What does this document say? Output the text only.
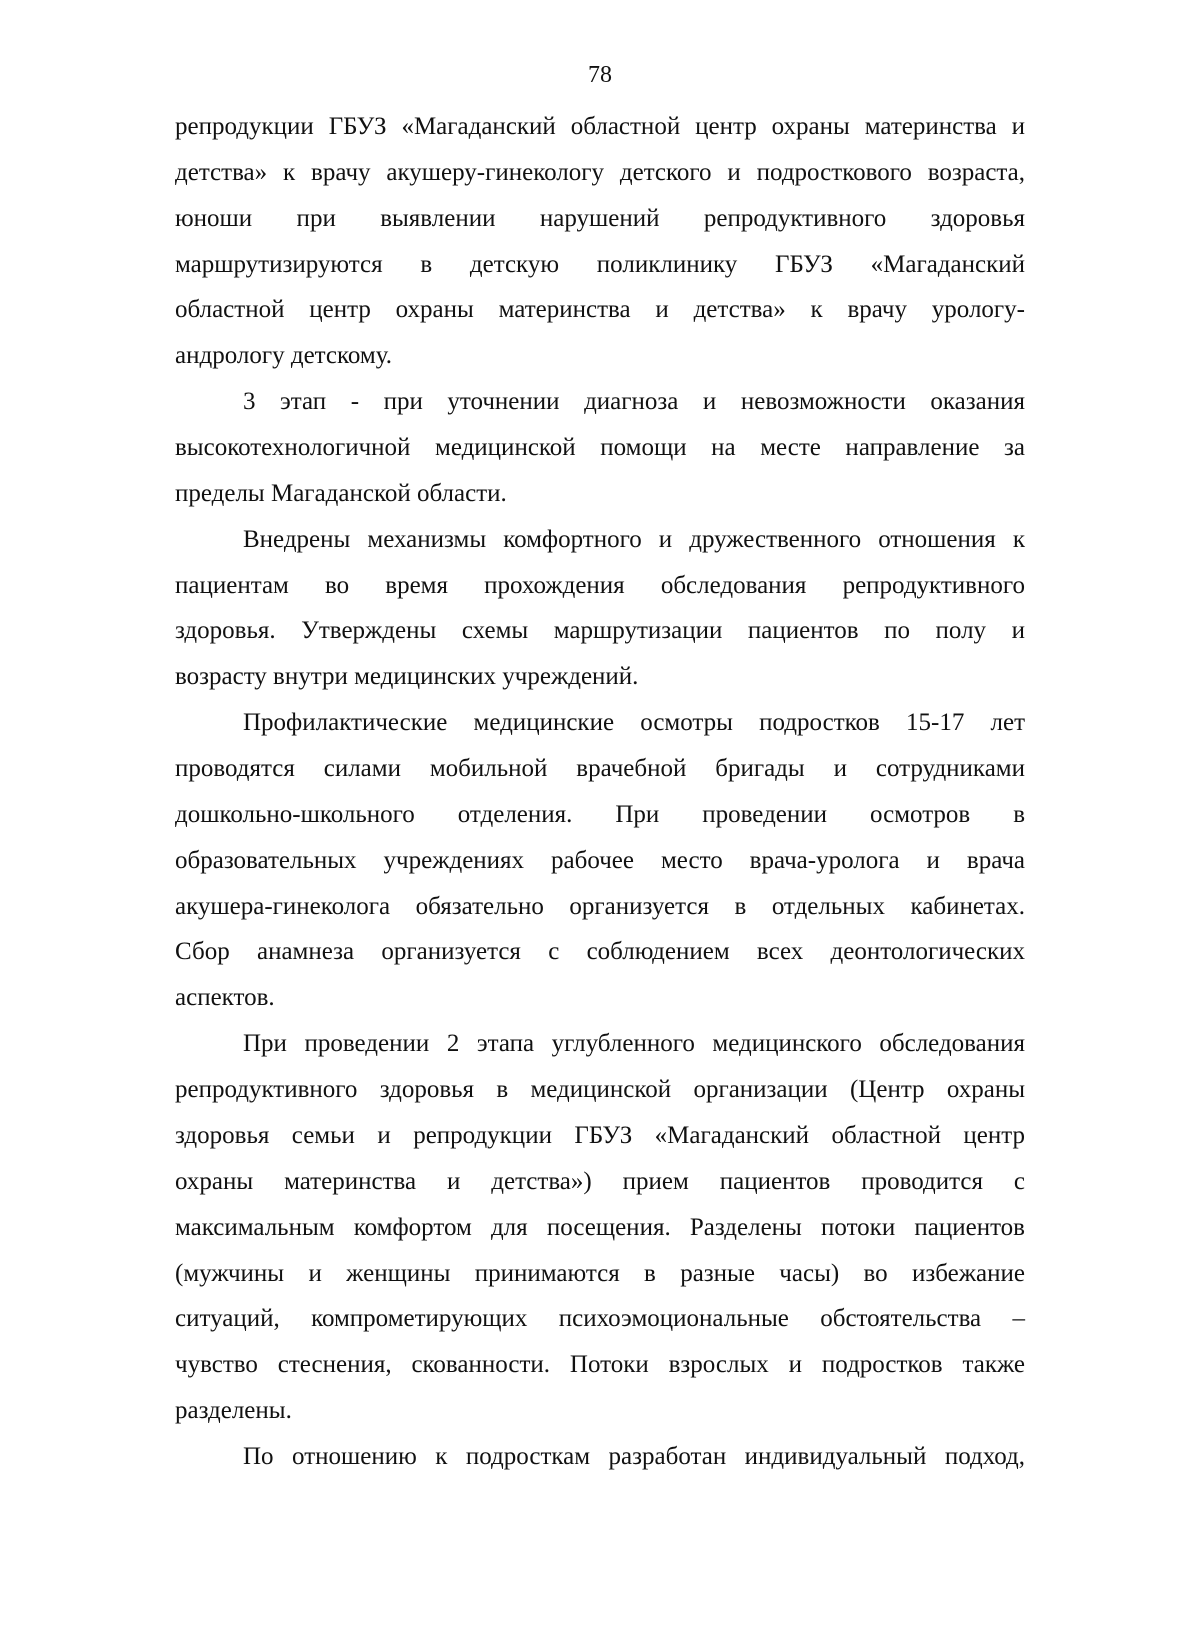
78
репродукции ГБУЗ «Магаданский областной центр охраны материнства и
детства» к врачу акушеру-гинекологу детского и подросткового возраста,
юноши при выявлении нарушений репродуктивного здоровья
маршрутизируются в детскую поликлинику ГБУЗ «Магаданский
областной центр охраны материнства и детства» к врачу урологу-
андрологу детскому.
3 этап - при уточнении диагноза и невозможности оказания
высокотехнологичной медицинской помощи на месте направление за
пределы Магаданской области.
Внедрены механизмы комфортного и дружественного отношения к
пациентам во время прохождения обследования репродуктивного
здоровья. Утверждены схемы маршрутизации пациентов по полу и
возрасту внутри медицинских учреждений.
Профилактические медицинские осмотры подростков 15-17 лет
проводятся силами мобильной врачебной бригады и сотрудниками
дошкольно-школьного отделения. При проведении осмотров в
образовательных учреждениях рабочее место врача-уролога и врача
акушера-гинеколога обязательно организуется в отдельных кабинетах.
Сбор анамнеза организуется с соблюдением всех деонтологических
аспектов.
При проведении 2 этапа углубленного медицинского обследования
репродуктивного здоровья в медицинской организации (Центр охраны
здоровья семьи и репродукции ГБУЗ «Магаданский областной центр
охраны материнства и детства») прием пациентов проводится с
максимальным комфортом для посещения. Разделены потоки пациентов
(мужчины и женщины принимаются в разные часы) во избежание
ситуаций, компрометирующих психоэмоциональные обстоятельства –
чувство стеснения, скованности. Потоки взрослых и подростков также
разделены.
По отношению к подросткам разработан индивидуальный подход,
